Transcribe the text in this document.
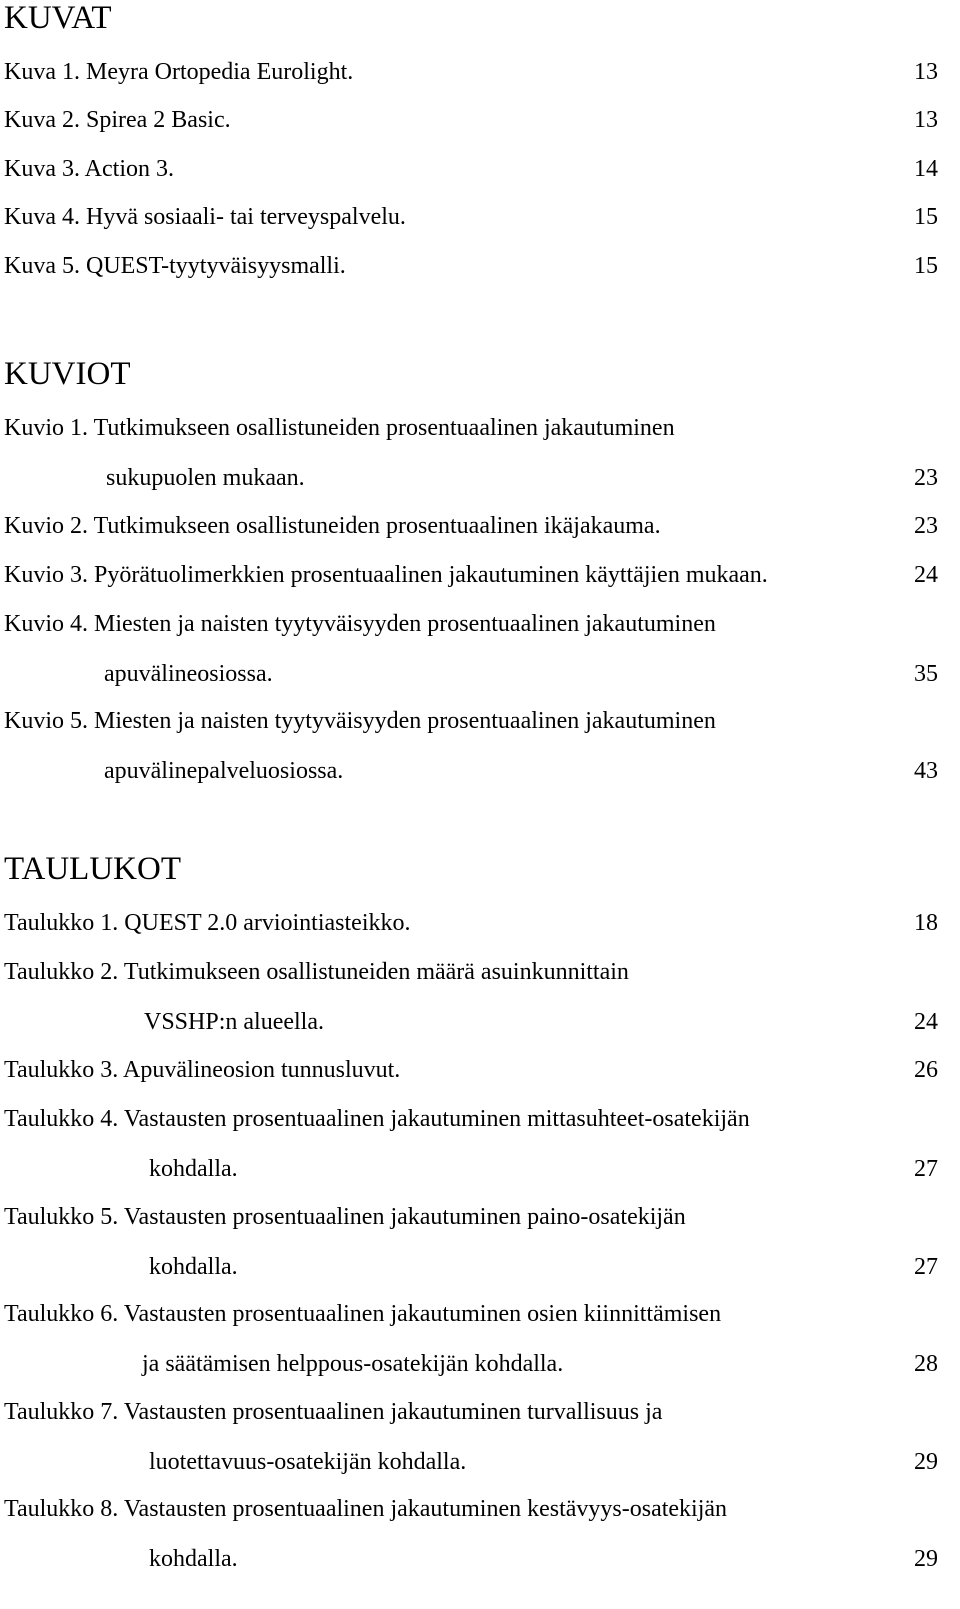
KUVAT
Kuva 1. Meyra Ortopedia Eurolight.	13
Kuva 2. Spirea 2 Basic.	13
Kuva 3. Action 3.	14
Kuva 4. Hyvä sosiaali- tai terveyspalvelu.	15
Kuva 5. QUEST-tyytyväisyysmalli.	15
KUVIOT
Kuvio 1. Tutkimukseen osallistuneiden prosentuaalinen jakautuminen
sukupuolen mukaan.	23
Kuvio 2. Tutkimukseen osallistuneiden prosentuaalinen ikäjakauma.	23
Kuvio 3. Pyörätuolimerkkien prosentuaalinen jakautuminen käyttäjien mukaan.	24
Kuvio 4. Miesten ja naisten tyytyväisyyden prosentuaalinen jakautuminen
apuvälineosiossa.	35
Kuvio 5. Miesten ja naisten tyytyväisyyden prosentuaalinen jakautuminen
apuvälinepalveluosiossa.	43
TAULUKOT
Taulukko 1. QUEST 2.0 arviointiasteikko.	18
Taulukko 2. Tutkimukseen osallistuneiden määrä asuinkunnittain
VSSHP:n alueella.	24
Taulukko 3. Apuvälineosion tunnusluvut.	26
Taulukko 4. Vastausten prosentuaalinen jakautuminen mittasuhteet-osatekijän
kohdalla.	27
Taulukko 5. Vastausten prosentuaalinen jakautuminen paino-osatekijän
kohdalla.	27
Taulukko 6. Vastausten prosentuaalinen jakautuminen osien kiinnittämisen
ja säätämisen helppous-osatekijän kohdalla.	28
Taulukko 7. Vastausten prosentuaalinen jakautuminen turvallisuus ja
luotettavuus-osatekijän kohdalla.	29
Taulukko 8. Vastausten prosentuaalinen jakautuminen kestävyys-osatekijän
kohdalla.	29
